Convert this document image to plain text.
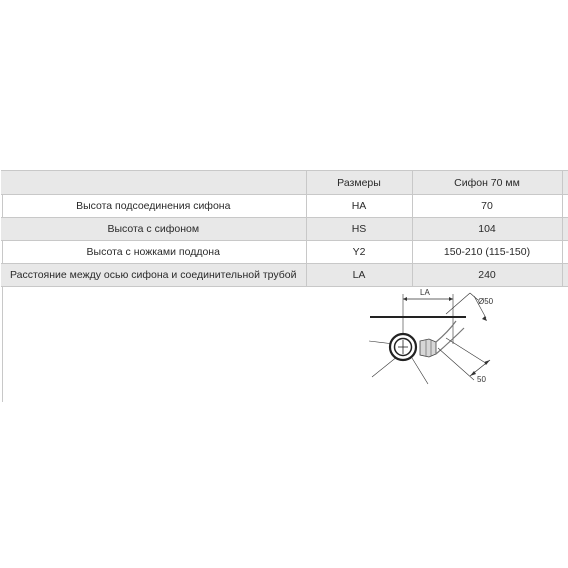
	Размеры	Сифон 70 мм	
Высота подсоединения сифона	HA	70	
Высота с сифоном	HS	104	
Высота с ножками поддона	Y2	150-210 (115-150)	
Расстояние между осью сифона и соединительной трубой	LA	240	
LA
Ø50
50
